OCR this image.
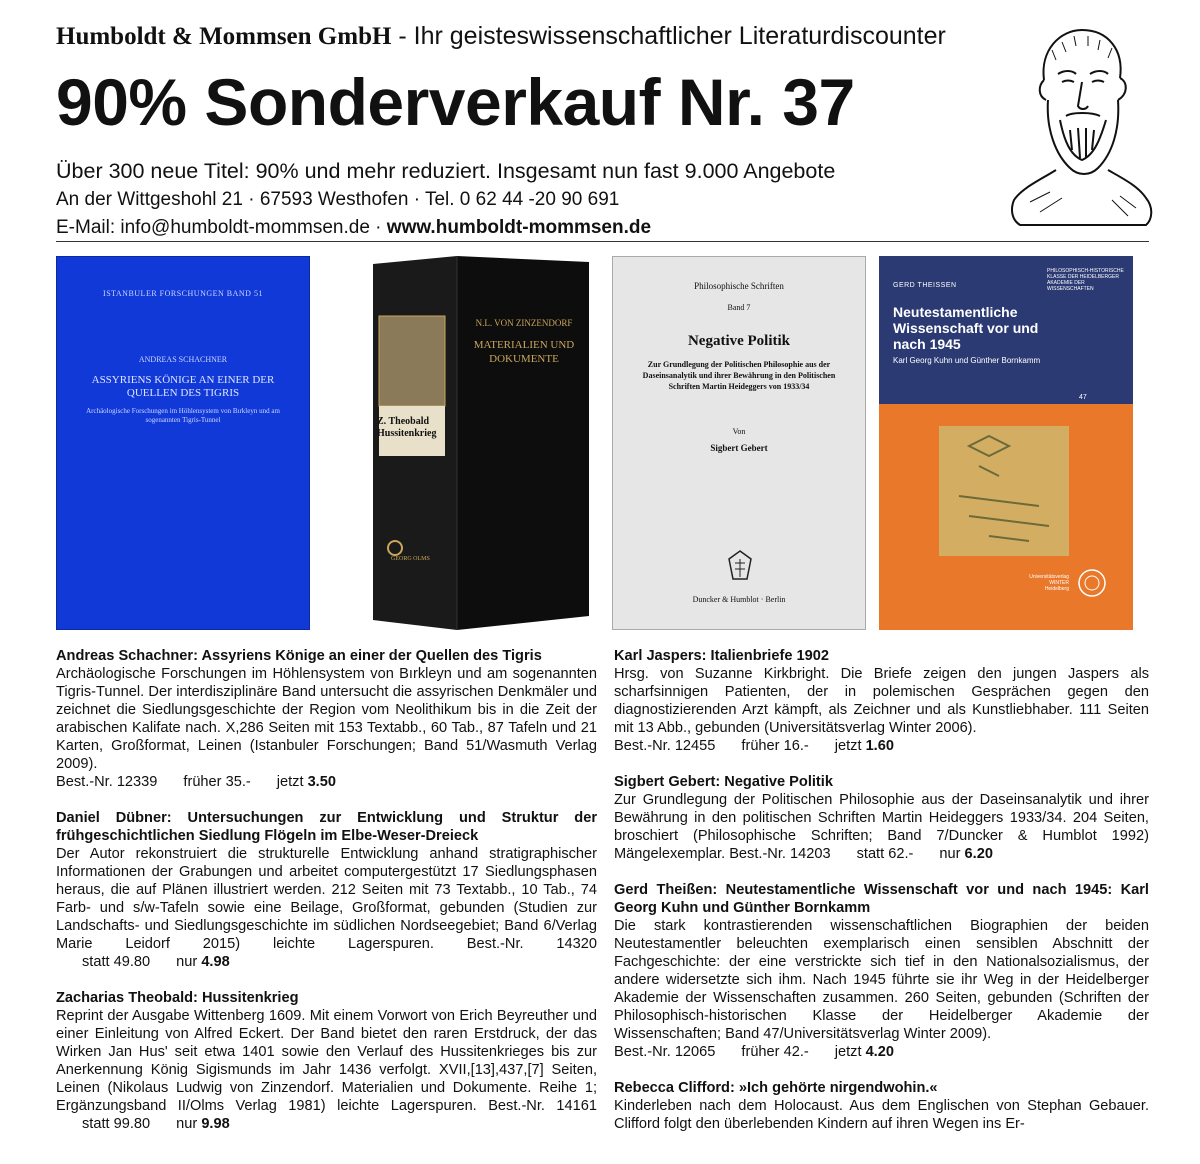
Humboldt & Mommsen GmbH - Ihr geisteswissenschaftlicher Literaturdiscounter
90% Sonderverkauf Nr. 37
Über 300 neue Titel: 90% und mehr reduziert. Insgesamt nun fast 9.000 Angebote
An der Wittgeshohl 21 · 67593 Westhofen · Tel. 0 62 44 -20 90 691
E-Mail: info@humboldt-mommsen.de · www.humboldt-mommsen.de
ISTANBULER FORSCHUNGEN BAND 51
ANDREAS SCHACHNER
ASSYRIENS KÖNIGE AN EINER DER QUELLEN DES TIGRIS
Archäologische Forschungen im Höhlensystem von Bırkleyn und am sogenannten Tigris-Tunnel
N.L. VON ZINZENDORF
MATERIALIEN UND DOKUMENTE
Z. Theobald Hussitenkrieg
GEORG OLMS
Philosophische Schriften
Band 7
Negative Politik
Zur Grundlegung der Politischen Philosophie aus der Daseinsanalytik und ihrer Bewährung in den Politischen Schriften Martin Heideggers von 1933/34
Von
Sigbert Gebert
Duncker & Humblot · Berlin
GERD THEISSEN
PHILOSOPHISCH-HISTORISCHE KLASSE DER HEIDELBERGER AKADEMIE DER WISSENSCHAFTEN
Neutestamentliche Wissenschaft vor und nach 1945
Karl Georg Kuhn und Günther Bornkamm
47
Universitätsverlag WINTER Heidelberg
Andreas Schachner: Assyriens Könige an einer der Quellen des Tigris
Archäologische Forschungen im Höhlensystem von Bırkleyn und am sogenannten Tigris-Tunnel. Der interdisziplinäre Band untersucht die assyrischen Denkmäler und zeichnet die Siedlungsgeschichte der Region vom Neolithikum bis in die Zeit der arabischen Kalifate nach. X,286 Seiten mit 153 Textabb., 60 Tab., 87 Tafeln und 21 Karten, Großformat, Leinen (Istanbuler Forschungen; Band 51/Wasmuth Verlag 2009).
Best.-Nr. 12339 früher 35.- jetzt 3.50
Daniel Dübner: Untersuchungen zur Entwicklung und Struktur der frühgeschichtlichen Siedlung Flögeln im Elbe-Weser-Dreieck
Der Autor rekonstruiert die strukturelle Entwicklung anhand stratigraphischer Informationen der Grabungen und arbeitet computergestützt 17 Siedlungsphasen heraus, die auf Plänen illustriert werden. 212 Seiten mit 73 Textabb., 10 Tab., 74 Farb- und s/w-Tafeln sowie eine Beilage, Großformat, gebunden (Studien zur Landschafts- und Siedlungsgeschichte im südlichen Nordseegebiet; Band 6/Verlag Marie Leidorf 2015) leichte Lagerspuren. Best.-Nr. 14320statt 49.80 nur 4.98
Zacharias Theobald: Hussitenkrieg
Reprint der Ausgabe Wittenberg 1609. Mit einem Vorwort von Erich Beyreuther und einer Einleitung von Alfred Eckert. Der Band bietet den raren Erstdruck, der das Wirken Jan Hus' seit etwa 1401 sowie den Verlauf des Hussitenkrieges bis zur Anerkennung König Sigismunds im Jahr 1436 verfolgt. XVII,[13],437,[7] Seiten, Leinen (Nikolaus Ludwig von Zinzendorf. Materialien und Dokumente. Reihe 1; Ergänzungsband II/Olms Verlag 1981) leichte Lagerspuren. Best.-Nr. 14161statt 99.80 nur 9.98
Karl Jaspers: Italienbriefe 1902
Hrsg. von Suzanne Kirkbright. Die Briefe zeigen den jungen Jaspers als scharfsinnigen Patienten, der in polemischen Gesprächen gegen den diagnostizierenden Arzt kämpft, als Zeichner und als Kunstliebhaber. 111 Seiten mit 13 Abb., gebunden (Universitätsverlag Winter 2006).
Best.-Nr. 12455 früher 16.- jetzt 1.60
Sigbert Gebert: Negative Politik
Zur Grundlegung der Politischen Philosophie aus der Daseinsanalytik und ihrer Bewährung in den politischen Schriften Martin Heideggers 1933/34. 204 Seiten, broschiert (Philosophische Schriften; Band 7/Duncker & Humblot 1992) Mängelexemplar. Best.-Nr. 14203 statt 62.- nur 6.20
Gerd Theißen: Neutestamentliche Wissenschaft vor und nach 1945: Karl Georg Kuhn und Günther Bornkamm
Die stark kontrastierenden wissenschaftlichen Biographien der beiden Neutestamentler beleuchten exemplarisch einen sensiblen Abschnitt der Fachgeschichte: der eine verstrickte sich tief in den Nationalsozialismus, der andere widersetzte sich ihm. Nach 1945 führte sie ihr Weg in der Heidelberger Akademie der Wissenschaften zusammen. 260 Seiten, gebunden (Schriften der Philosophisch-historischen Klasse der Heidelberger Akademie der Wissenschaften; Band 47/Universitätsverlag Winter 2009).
Best.-Nr. 12065 früher 42.- jetzt 4.20
Rebecca Clifford: »Ich gehörte nirgendwohin.«
Kinderleben nach dem Holocaust. Aus dem Englischen von Stephan Gebauer. Clifford folgt den überlebenden Kindern auf ihren Wegen ins Er-
